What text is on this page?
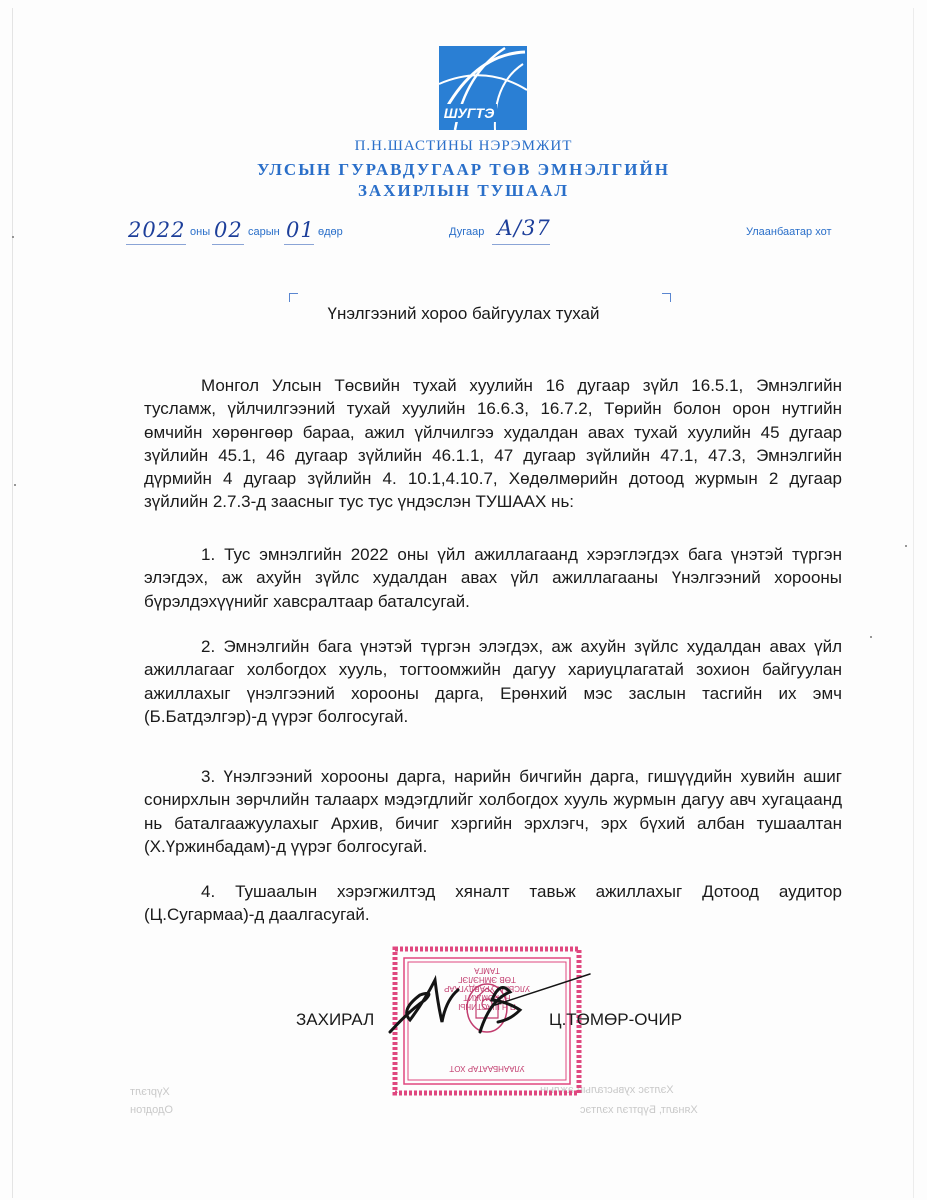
ШУГТЭ
П.Н.ШАСТИНЫ НЭРЭМЖИТ
УЛСЫН ГУРАВДУГААР ТӨВ ЭМНЭЛГИЙН
ЗАХИРЛЫН ТУШААЛ
2022 оны 02 сарын 01 өдөр	Дугаар А/37	Улаанбаатар хот
Үнэлгээний хороо байгуулах тухай

Монгол Улсын Төсвийн тухай хуулийн 16 дугаар зүйл 16.5.1, Эмнэлгийн тусламж, үйлчилгээний тухай хуулийн 16.6.3, 16.7.2, Төрийн болон орон нутгийн өмчийн хөрөнгөөр бараа, ажил үйлчилгээ худалдан авах тухай хуулийн 45 дугаар зүйлийн 45.1, 46 дугаар зүйлийн 46.1.1, 47 дугаар зүйлийн 47.1, 47.3, Эмнэлгийн дүрмийн 4 дугаар зүйлийн 4. 10.1,4.10.7, Хөдөлмөрийн дотоод журмын 2 дугаар зүйлийн 2.7.3-д заасныг тус тус үндэслэн ТУШААХ нь:

1. Тус эмнэлгийн 2022 оны үйл ажиллагаанд хэрэглэгдэх бага үнэтэй түргэн элэгдэх, аж ахуйн зүйлс худалдан авах үйл ажиллагааны Үнэлгээний хорооны бүрэлдэхүүнийг хавсралтаар баталсугай.

2. Эмнэлгийн бага үнэтэй түргэн элэгдэх, аж ахуйн зүйлс худалдан авах үйл ажиллагааг холбогдох хууль, тогтоомжийн дагуу хариуцлагатай зохион байгуулан ажиллахыг үнэлгээний хорооны дарга, Ерөнхий мэс заслын тасгийн их эмч (Б.Батдэлгэр)-д үүрэг болгосугай.

3. Үнэлгээний хорооны дарга, нарийн бичгийн дарга, гишүүдийн хувийн ашиг сонирхлын зөрчлийн талаарх мэдэгдлийг холбогдох хууль журмын дагуу авч хугацаанд нь баталгаажуулахыг Архив, бичиг хэргийн эрхлэгч, эрх бүхий албан тушаалтан (Х.Үржинбадам)-д үүрэг болгосугай.

4. Тушаалын хэрэгжилтэд хяналт тавьж ажиллахыг Дотоод аудитор (Ц.Сугармаа)-д даалгасугай.

Хэлтэс хувьсгалын ажлын
Хяналт, Бүртгэл хэлтэс
Хүргэлт
Ододгон
УЛААНБААТАР ХОТ
П.Н.ШАСТИНЫ
НЭРЭМЖИТ
УЛСЫН ГУРАВДУГААР
ТӨВ ЭМНЭЛЭГ
ТАМГА
ЗАХИРАЛ	Ц.ТӨМӨР-ОЧИР
